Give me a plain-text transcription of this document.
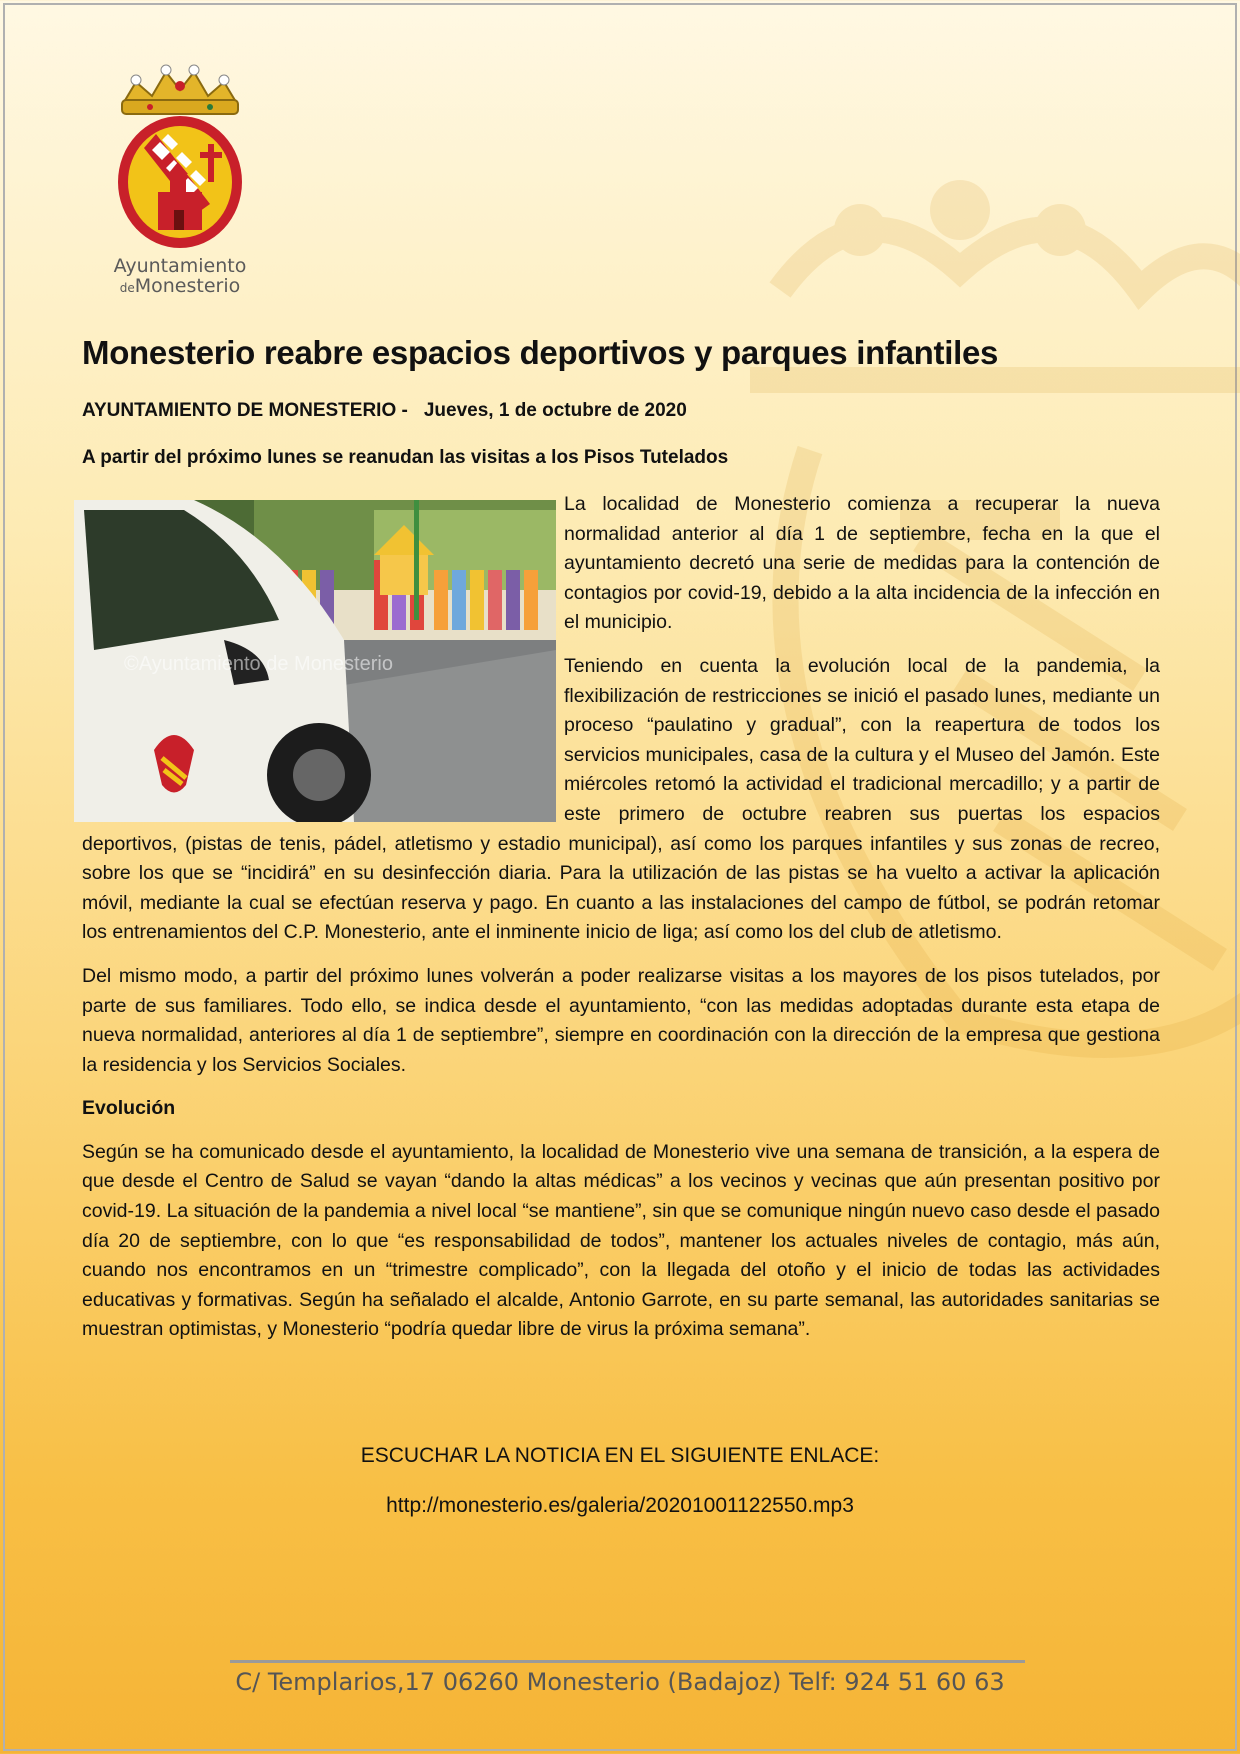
Ayuntamiento
deMonesterio
Monesterio reabre espacios deportivos y parques infantiles

AYUNTAMIENTO DE MONESTERIO - Jueves, 1 de octubre de 2020

A partir del próximo lunes se reanudan las visitas a los Pisos Tutelados

©Ayuntamiento de Monesterio

La localidad de Monesterio comienza a recuperar la nueva normalidad anterior al día 1 de septiembre, fecha en la que el ayuntamiento decretó una serie de medidas para la contención de contagios por covid-19, debido a la alta incidencia de la infección en el municipio.

Teniendo en cuenta la evolución local de la pandemia, la flexibilización de restricciones se inició el pasado lunes, mediante un proceso “paulatino y gradual”, con la reapertura de todos los servicios municipales, casa de la cultura y el Museo del Jamón. Este miércoles retomó la actividad el tradicional mercadillo; y a partir de este primero de octubre reabren sus puertas los espacios deportivos, (pistas de tenis, pádel, atletismo y estadio municipal), así como los parques infantiles y sus zonas de recreo, sobre los que se “incidirá” en su desinfección diaria. Para la utilización de las pistas se ha vuelto a activar la aplicación móvil, mediante la cual se efectúan reserva y pago. En cuanto a las instalaciones del campo de fútbol, se podrán retomar los entrenamientos del C.P. Monesterio, ante el inminente inicio de liga; así como los del club de atletismo.

Del mismo modo, a partir del próximo lunes volverán a poder realizarse visitas a los mayores de los pisos tutelados, por parte de sus familiares. Todo ello, se indica desde el ayuntamiento, “con las medidas adoptadas durante esta etapa de nueva normalidad, anteriores al día 1 de septiembre”, siempre en coordinación con la dirección de la empresa que gestiona la residencia y los Servicios Sociales.

Evolución

Según se ha comunicado desde el ayuntamiento, la localidad de Monesterio vive una semana de transición, a la espera de que desde el Centro de Salud se vayan “dando la altas médicas” a los vecinos y vecinas que aún presentan positivo por covid-19. La situación de la pandemia a nivel local “se mantiene”, sin que se comunique ningún nuevo caso desde el pasado día 20 de septiembre, con lo que “es responsabilidad de todos”, mantener los actuales niveles de contagio, más aún, cuando nos encontramos en un “trimestre complicado”, con la llegada del otoño y el inicio de todas las actividades educativas y formativas. Según ha señalado el alcalde, Antonio Garrote, en su parte semanal, las autoridades sanitarias se muestran optimistas, y Monesterio “podría quedar libre de virus la próxima semana”.

ESCUCHAR LA NOTICIA EN EL SIGUIENTE ENLACE:

http://monesterio.es/galeria/20201001122550.mp3

C/ Templarios,17 06260 Monesterio (Badajoz) Telf: 924 51 60 63
